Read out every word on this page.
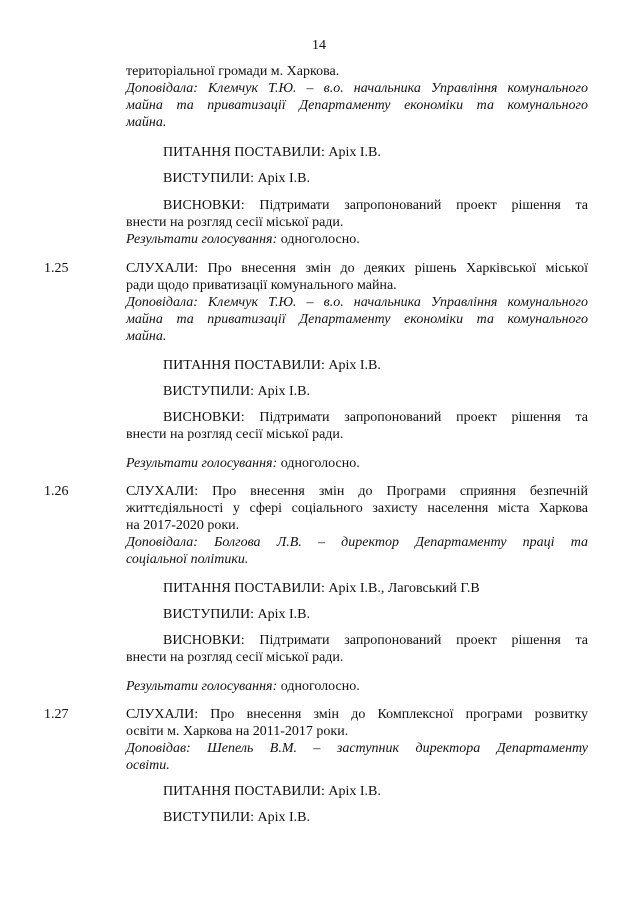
14
територіальної громади м. Харкова.
Доповідала: Клемчук Т.Ю. – в.о. начальника Управління комунального
майна та приватизації Департаменту економіки та комунального
майна.
ПИТАННЯ ПОСТАВИЛИ: Аріх І.В.
ВИСТУПИЛИ: Аріх І.В.
ВИСНОВКИ: Підтримати запропонований проект рішення та
внести на розгляд сесії міської ради.
Результати голосування: одноголосно.
1.25	СЛУХАЛИ: Про внесення змін до деяких рішень Харківської міської
ради щодо приватизації комунального майна.
Доповідала: Клемчук Т.Ю. – в.о. начальника Управління комунального
майна та приватизації Департаменту економіки та комунального
майна.
ПИТАННЯ ПОСТАВИЛИ: Аріх І.В.
ВИСТУПИЛИ: Аріх І.В.
ВИСНОВКИ: Підтримати запропонований проект рішення та
внести на розгляд сесії міської ради.
Результати голосування: одноголосно.
1.26	СЛУХАЛИ: Про внесення змін до Програми сприяння безпечній
життєдіяльності у сфері соціального захисту населення міста Харкова
на 2017-2020 роки.
Доповідала: Болгова Л.В. – директор Департаменту праці та
соціальної політики.
ПИТАННЯ ПОСТАВИЛИ: Аріх І.В., Лаговський Г.В
ВИСТУПИЛИ: Аріх І.В.
ВИСНОВКИ: Підтримати запропонований проект рішення та
внести на розгляд сесії міської ради.
Результати голосування: одноголосно.
1.27	СЛУХАЛИ: Про внесення змін до Комплексної програми розвитку
освіти м. Харкова на 2011-2017 роки.
Доповідав: Шепель В.М. – заступник директора Департаменту
освіти.
ПИТАННЯ ПОСТАВИЛИ: Аріх І.В.
ВИСТУПИЛИ: Аріх І.В.
